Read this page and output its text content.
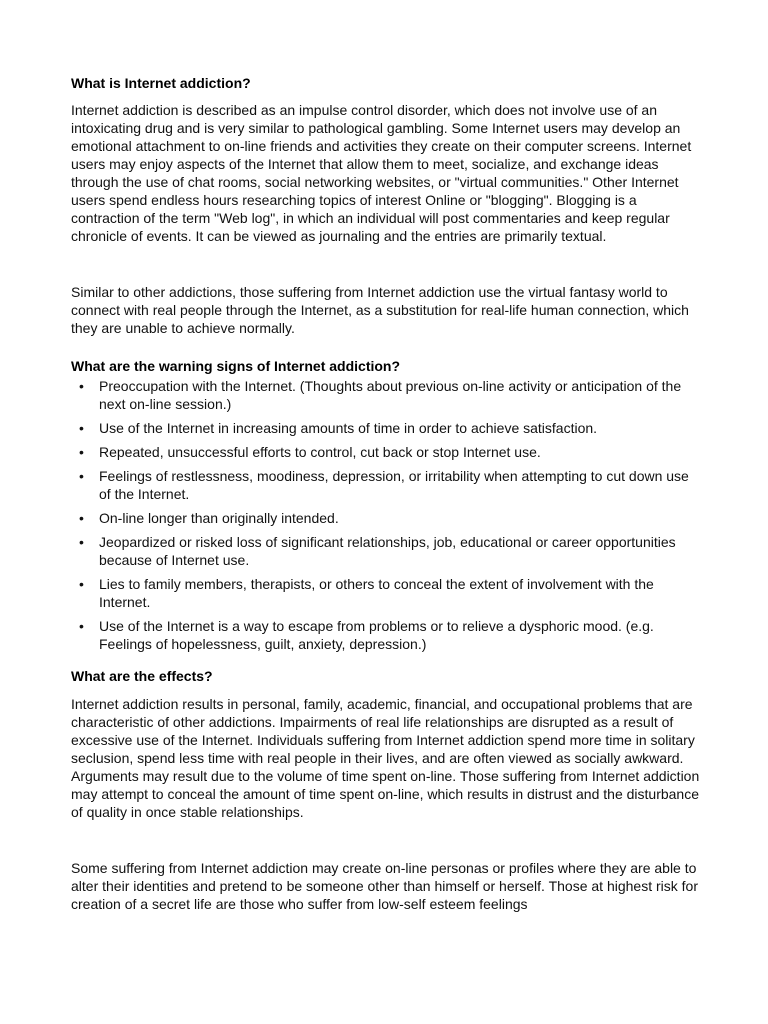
What is Internet addiction?

Internet addiction is described as an impulse control disorder, which does not involve use of an intoxicating drug and is very similar to pathological gambling. Some Internet users may develop an emotional attachment to on-line friends and activities they create on their computer screens. Internet users may enjoy aspects of the Internet that allow them to meet, socialize, and exchange ideas through the use of chat rooms, social networking websites, or "virtual communities." Other Internet users spend endless hours researching topics of interest Online or "blogging". Blogging is a contraction of the term "Web log", in which an individual will post commentaries and keep regular chronicle of events. It can be viewed as journaling and the entries are primarily textual.

Similar to other addictions, those suffering from Internet addiction use the virtual fantasy world to connect with real people through the Internet, as a substitution for real-life human connection, which they are unable to achieve normally.

What are the warning signs of Internet addiction?
• Preoccupation with the Internet. (Thoughts about previous on-line activity or anticipation of the next on-line session.)
• Use of the Internet in increasing amounts of time in order to achieve satisfaction.
• Repeated, unsuccessful efforts to control, cut back or stop Internet use.
• Feelings of restlessness, moodiness, depression, or irritability when attempting to cut down use of the Internet.
• On-line longer than originally intended.
• Jeopardized or risked loss of significant relationships, job, educational or career opportunities because of Internet use.
• Lies to family members, therapists, or others to conceal the extent of involvement with the Internet.
• Use of the Internet is a way to escape from problems or to relieve a dysphoric mood. (e.g. Feelings of hopelessness, guilt, anxiety, depression.)
What are the effects?

Internet addiction results in personal, family, academic, financial, and occupational problems that are characteristic of other addictions. Impairments of real life relationships are disrupted as a result of excessive use of the Internet. Individuals suffering from Internet addiction spend more time in solitary seclusion, spend less time with real people in their lives, and are often viewed as socially awkward. Arguments may result due to the volume of time spent on-line. Those suffering from Internet addiction may attempt to conceal the amount of time spent on-line, which results in distrust and the disturbance of quality in once stable relationships.

Some suffering from Internet addiction may create on-line personas or profiles where they are able to alter their identities and pretend to be someone other than himself or herself. Those at highest risk for creation of a secret life are those who suffer from low-self esteem feelings
